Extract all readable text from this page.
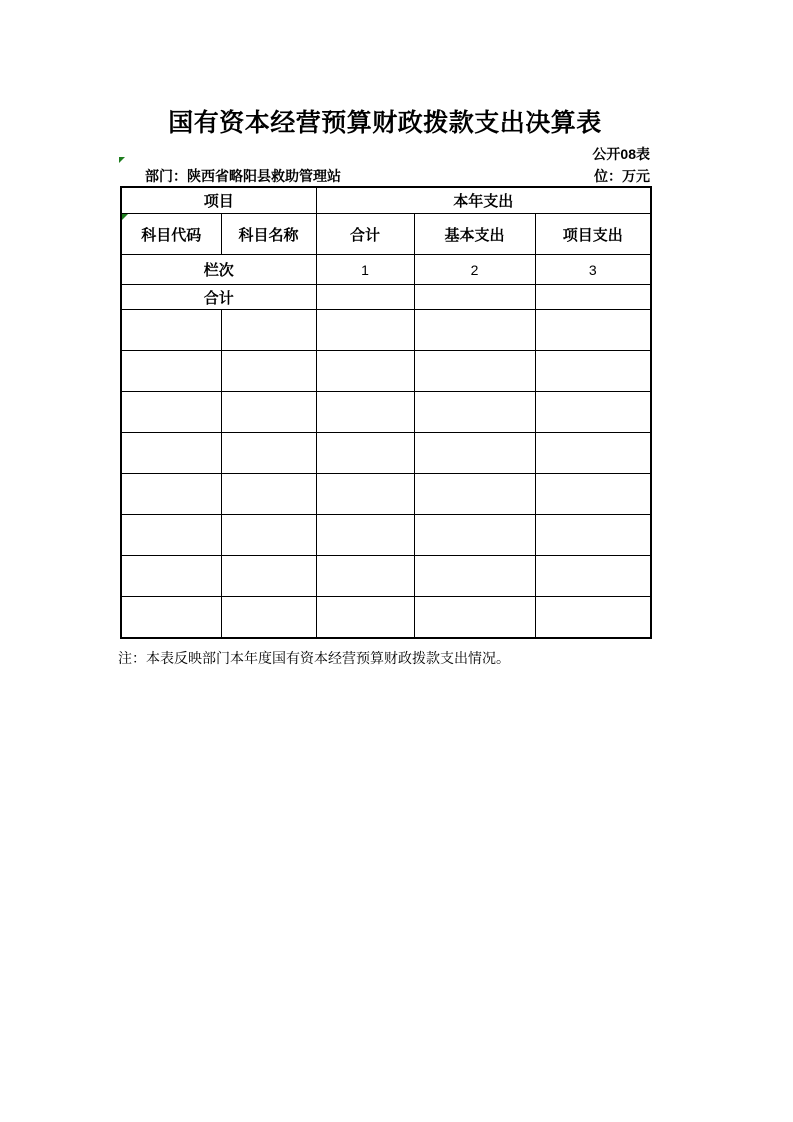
国有资本经营预算财政拨款支出决算表
公开08表
部门：陕西省略阳县救助管理站	位：万元
项目		本年支出		

科目代码	科目名称	合计	基本支出	项目支出
栏次		1	2	3
合计				

注：本表反映部门本年度国有资本经营预算财政拨款支出情况。
